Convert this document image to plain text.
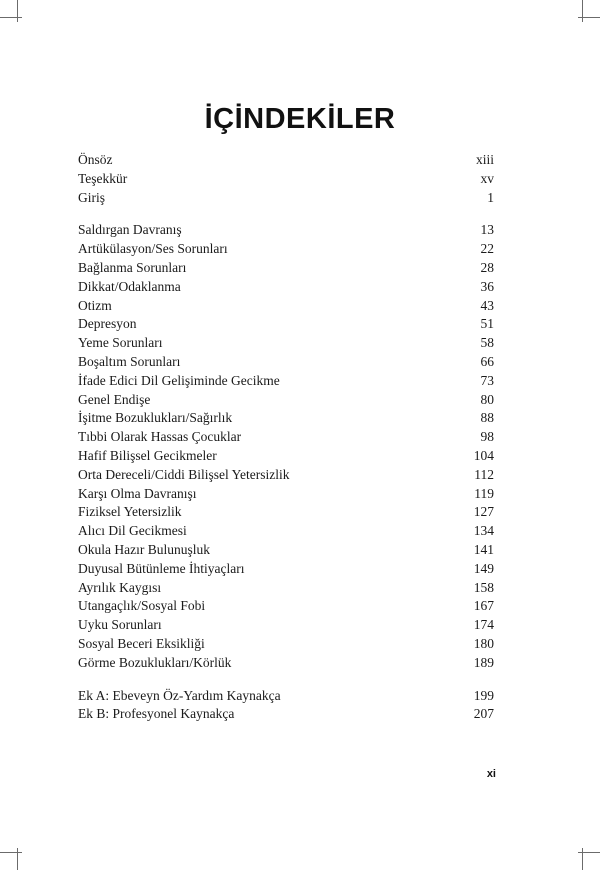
İÇİNDEKİLER
Önsöz	xiii
Teşekkür	xv
Giriş	1
Saldırgan Davranış	13
Artükülasyon/Ses Sorunları	22
Bağlanma Sorunları	28
Dikkat/Odaklanma	36
Otizm	43
Depresyon	51
Yeme Sorunları	58
Boşaltım Sorunları	66
İfade Edici Dil Gelişiminde Gecikme	73
Genel Endişe	80
İşitme Bozuklukları/Sağırlık	88
Tıbbi Olarak Hassas Çocuklar	98
Hafif Bilişsel Gecikmeler	104
Orta Dereceli/Ciddi Bilişsel Yetersizlik	112
Karşı Olma Davranışı	119
Fiziksel Yetersizlik	127
Alıcı Dil Gecikmesi	134
Okula Hazır Bulunuşluk	141
Duyusal Bütünleme İhtiyaçları	149
Ayrılık Kaygısı	158
Utangaçlık/Sosyal Fobi	167
Uyku Sorunları	174
Sosyal Beceri Eksikliği	180
Görme Bozuklukları/Körlük	189
Ek A: Ebeveyn Öz-Yardım Kaynakça	199
Ek B: Profesyonel Kaynakça	207
xi
